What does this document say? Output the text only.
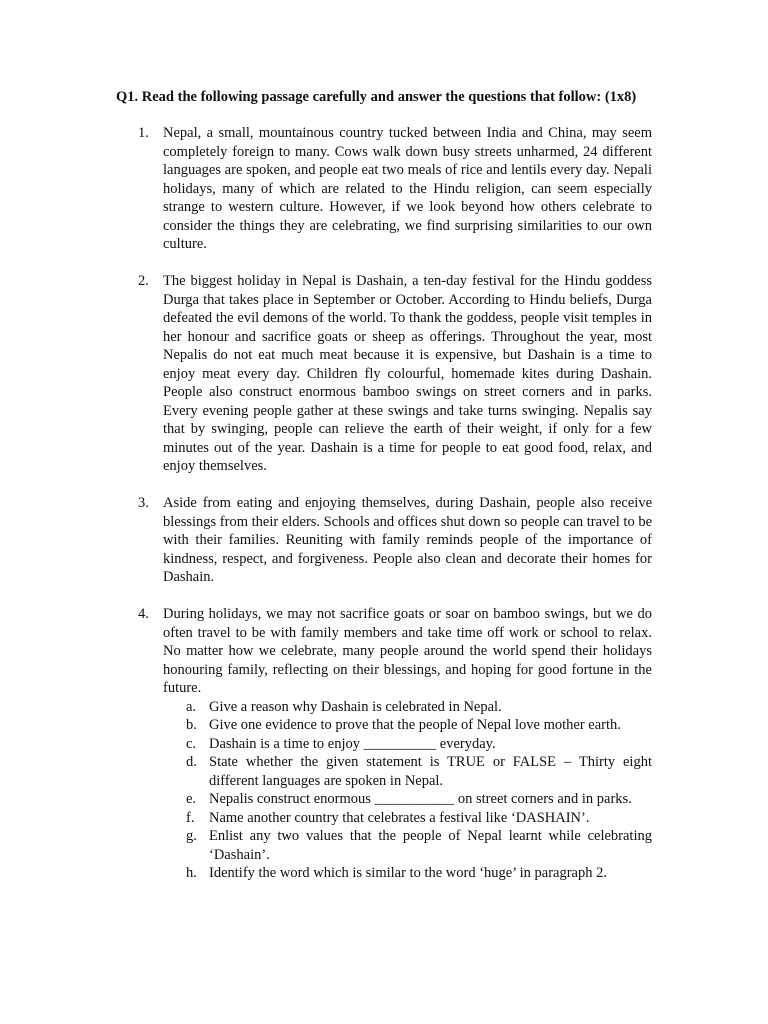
Q1. Read the following passage carefully and answer the questions that follow: (1x8)
1. Nepal, a small, mountainous country tucked between India and China, may seem completely foreign to many. Cows walk down busy streets unharmed, 24 different languages are spoken, and people eat two meals of rice and lentils every day. Nepali holidays, many of which are related to the Hindu religion, can seem especially strange to western culture. However, if we look beyond how others celebrate to consider the things they are celebrating, we find surprising similarities to our own culture.
2. The biggest holiday in Nepal is Dashain, a ten-day festival for the Hindu goddess Durga that takes place in September or October. According to Hindu beliefs, Durga defeated the evil demons of the world. To thank the goddess, people visit temples in her honour and sacrifice goats or sheep as offerings. Throughout the year, most Nepalis do not eat much meat because it is expensive, but Dashain is a time to enjoy meat every day. Children fly colourful, homemade kites during Dashain. People also construct enormous bamboo swings on street corners and in parks. Every evening people gather at these swings and take turns swinging. Nepalis say that by swinging, people can relieve the earth of their weight, if only for a few minutes out of the year. Dashain is a time for people to eat good food, relax, and enjoy themselves.
3. Aside from eating and enjoying themselves, during Dashain, people also receive blessings from their elders. Schools and offices shut down so people can travel to be with their families. Reuniting with family reminds people of the importance of kindness, respect, and forgiveness. People also clean and decorate their homes for Dashain.
4. During holidays, we may not sacrifice goats or soar on bamboo swings, but we do often travel to be with family members and take time off work or school to relax. No matter how we celebrate, many people around the world spend their holidays honouring family, reflecting on their blessings, and hoping for good fortune in the future.
a. Give a reason why Dashain is celebrated in Nepal.
b. Give one evidence to prove that the people of Nepal love mother earth.
c. Dashain is a time to enjoy __________ everyday.
d. State whether the given statement is TRUE or FALSE – Thirty eight different languages are spoken in Nepal.
e. Nepalis construct enormous ___________ on street corners and in parks.
f. Name another country that celebrates a festival like ‘DASHAIN’.
g. Enlist any two values that the people of Nepal learnt while celebrating ‘Dashain’.
h. Identify the word which is similar to the word ‘huge’ in paragraph 2.
